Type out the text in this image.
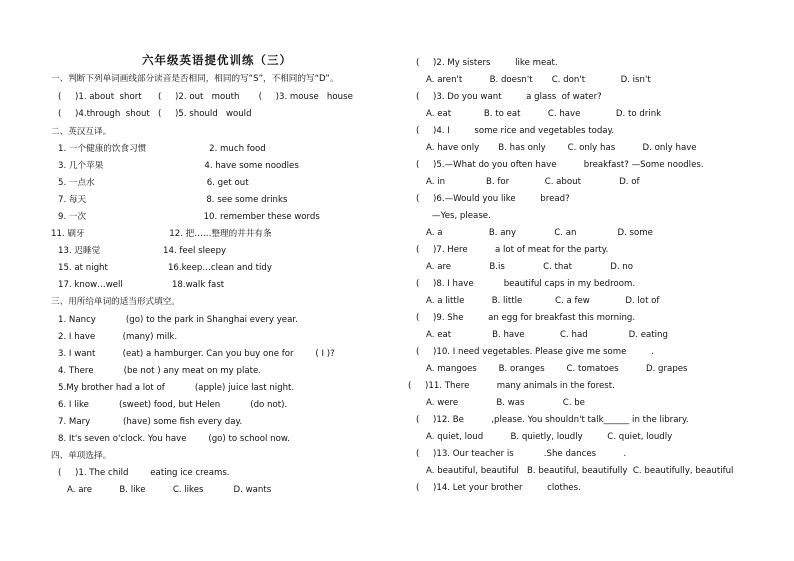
六年级英语提优训练（三）
一、判断下列单词画线部分读音是否相同，相同的写“S”，不相同的写“D”。
(     )1. about  short      (     )2. out   mouth       (     )3. mouse   house
(     )4.through  shout   (     )5. should   would
二、英汉互译。
1. 一个健康的饮食习惯                       2. much food
3. 几个苹果                                     4. have some noodles
5. 一点水                                         6. get out
7. 每天                                            8. see some drinks
9. 一次                                           10. remember these words
11. 刷牙                               12. 把……整理的井井有条
13. 迟睡觉                       14. feel sleepy
15. at night                      16.keep…clean and tidy
17. know…well                  18.walk fast
三、用所给单词的适当形式填空。
1. Nancy           (go) to the park in Shanghai every year.
2. I have          (many) milk.
3. I want          (eat) a hamburger. Can you buy one for        ( I )?
4. There           (be not ) any meat on my plate.
5.My brother had a lot of           (apple) juice last night.
6. I like           (sweet) food, but Helen           (do not).
7. Mary            (have) some fish every day.
8. It's seven o'clock. You have        (go) to school now.
四、单项选择。
(     )1. The child        eating ice creams.
A. are          B. like          C. likes           D. wants
(     )2. My sisters         like meat.
A. aren't          B. doesn't       C. don't             D. isn't
(     )3. Do you want         a glass  of water?
A. eat            B. to eat          C. have             D. to drink
(     )4. I         some rice and vegetables today.
A. have only       B. has only        C. only has          D. only have
(     )5.—What do you often have          breakfast? —Some noodles.
A. in               B. for             C. about              D. of
(     )6.—Would you like         bread?
—Yes, please.
A. a                 B. any              C. an               D. some
(     )7. Here          a lot of meat for the party.
A. are              B.is              C. that              D. no
(     )8. I have           beautiful caps in my bedroom.
A. a little          B. little            C. a few             D. lot of
(     )9. She         an egg for breakfast this morning.
A. eat               B. have             C. had               D. eating
(     )10. I need vegetables. Please give me some         .
A. mangoes        B. oranges        C. tomatoes          D. grapes
(     )11. There          many animals in the forest.
A. were              B. was              C. be
(     )12. Be          ,please. You shouldn't talk______ in the library.
A. quiet, loud          B. quietly, loudly         C. quiet, loudly
(     )13. Our teacher is           .She dances          .
A. beautiful, beautiful   B. beautiful, beautifully  C. beautifully, beautiful
(     )14. Let your brother         clothes.
